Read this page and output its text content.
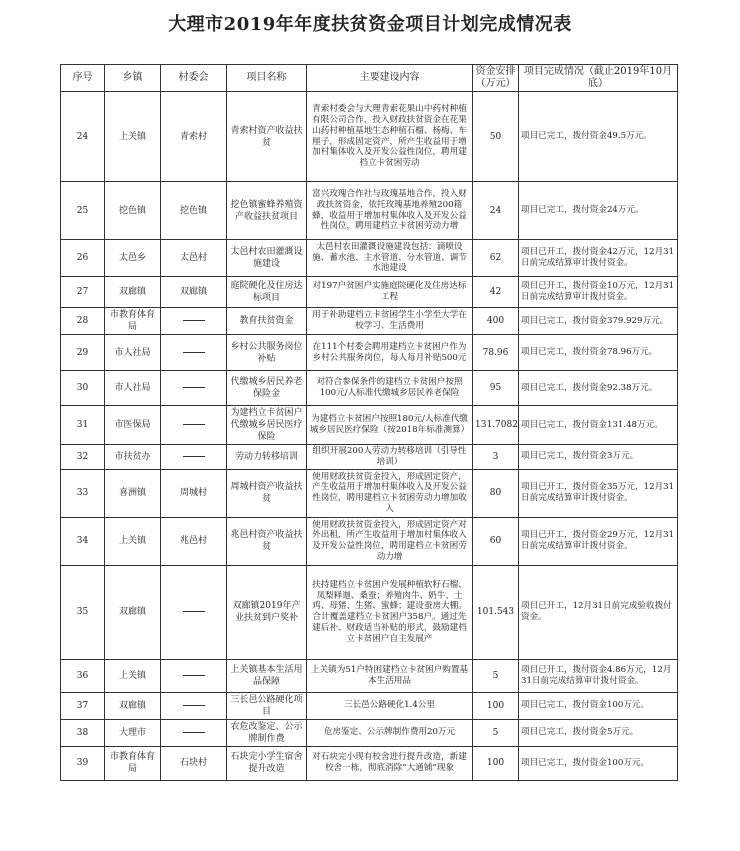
大理市2019年年度扶贫资金项目计划完成情况表
序号	乡镇	村委会	项目名称	主要建设内容	资金安排（万元）	项目完成情况（截止2019年10月底）
24	上关镇	青索村	青索村资产收益扶贫	青索村委会与大理青索花果山中药村种植有限公司合作，投入财政扶贫资金在花果山药村种植基地生态种植石榴、杨梅、车厘子，形成固定资产，所产生收益用于增加村集体收入及开发公益性岗位，聘用建档立卡贫困劳动	50	项目已完工，拨付资金49.5万元。
25	挖色镇	挖色镇	挖色镇蜜蜂养殖资产收益扶贫项目	富兴玫瑰合作社与玫瑰基地合作，投入财政扶贫资金，依托玫瑰基地养殖200箱蜂，收益用于增加村集体收入及开发公益性岗位，聘用建档立卡贫困劳动力增	24	项目已完工，拨付资金24万元。
26	太邑乡	太邑村	太邑村农田灌溉设施建设	太邑村农田灌溉设施建设包括：滴喷设施、蓄水池、主水管道、分水管道、调节水池建设	62	项目已开工，拨付资金42万元，12月31日前完成结算审计拨付资金。
27	双廊镇	双廊镇	庭院硬化及住房达标项目	对197户贫困户实施庭院硬化及住房达标工程	42	项目已开工，拨付资金10万元，12月31日前完成结算审计拨付资金。
28	市教育体育局		教育扶贫资金	用于补助建档立卡贫困学生小学至大学在校学习、生活费用	400	项目已完工，拨付资金379.929万元。
29	市人社局		乡村公共服务岗位补贴	在111个村委会聘用建档立卡贫困户作为乡村公共服务岗位，每人每月补贴500元	78.96	项目已完工，拨付资金78.96万元。
30	市人社局		代缴城乡居民养老保险金	对符合参保条件的建档立卡贫困户按照100元/人标准代缴城乡居民养老保险	95	项目已完工，拨付资金92.38万元。
31	市医保局		为建档立卡贫困户代缴城乡居民医疗保险	为建档立卡贫困户按照180元/人标准代缴城乡居民医疗保险（按2018年标准测算）	131.7082	项目已完工，拨付资金131.48万元。
32	市扶贫办		劳动力转移培训	组织开展200人劳动力转移培训（引导性培训）	3	项目已完工，拨付资金3万元。
33	喜洲镇	周城村	周城村资产收益扶贫	使用财政扶贫资金投入，形成固定资产，产生收益用于增加村集体收入及开发公益性岗位，聘用建档立卡贫困劳动力增加收入	80	项目已开工，拨付资金35万元，12月31日前完成结算审计拨付资金。
34	上关镇	兆邑村	兆邑村资产收益扶贫	使用财政扶贫资金投入，形成固定资产对外出租，所产生收益用于增加村集体收入及开发公益性岗位，聘用建档立卡贫困劳动力增	60	项目已开工，拨付资金29万元，12月31日前完成结算审计拨付资金。
35	双廊镇		双廊镇2019年产业扶贫到户奖补	扶持建档立卡贫困户发展种植软籽石榴、凤梨释迦、桑蚕；养殖肉牛、奶牛、土鸡、母猪、生猪、蜜蜂；建设蚕房大棚。合计覆盖建档立卡贫困户358户。通过先建后补、财政适当补贴的形式，鼓励建档立卡贫困户自主发展产	101.543	项目已开工，12月31日前完成验收拨付资金。
36	上关镇		上关镇基本生活用品保障	上关镇为51户特困建档立卡贫困户购置基本生活用品	5	项目已开工，拨付资金4.86万元，12月31日前完成结算审计拨付资金。
37	双廊镇		三长邑公路硬化项目	三长邑公路硬化1.4公里	100	项目已完工，拨付资金100万元。
38	大理市		农危改鉴定、公示牌制作费	危房鉴定、公示牌制作费用20万元	5	项目已完工，拨付资金5万元。
39	市教育体育局	石块村	石块完小学生宿舍提升改造	对石块完小现有校舍进行提升改造，新建校舍一栋，彻底消除“大通铺”现象	100	项目已完工，拨付资金100万元。
